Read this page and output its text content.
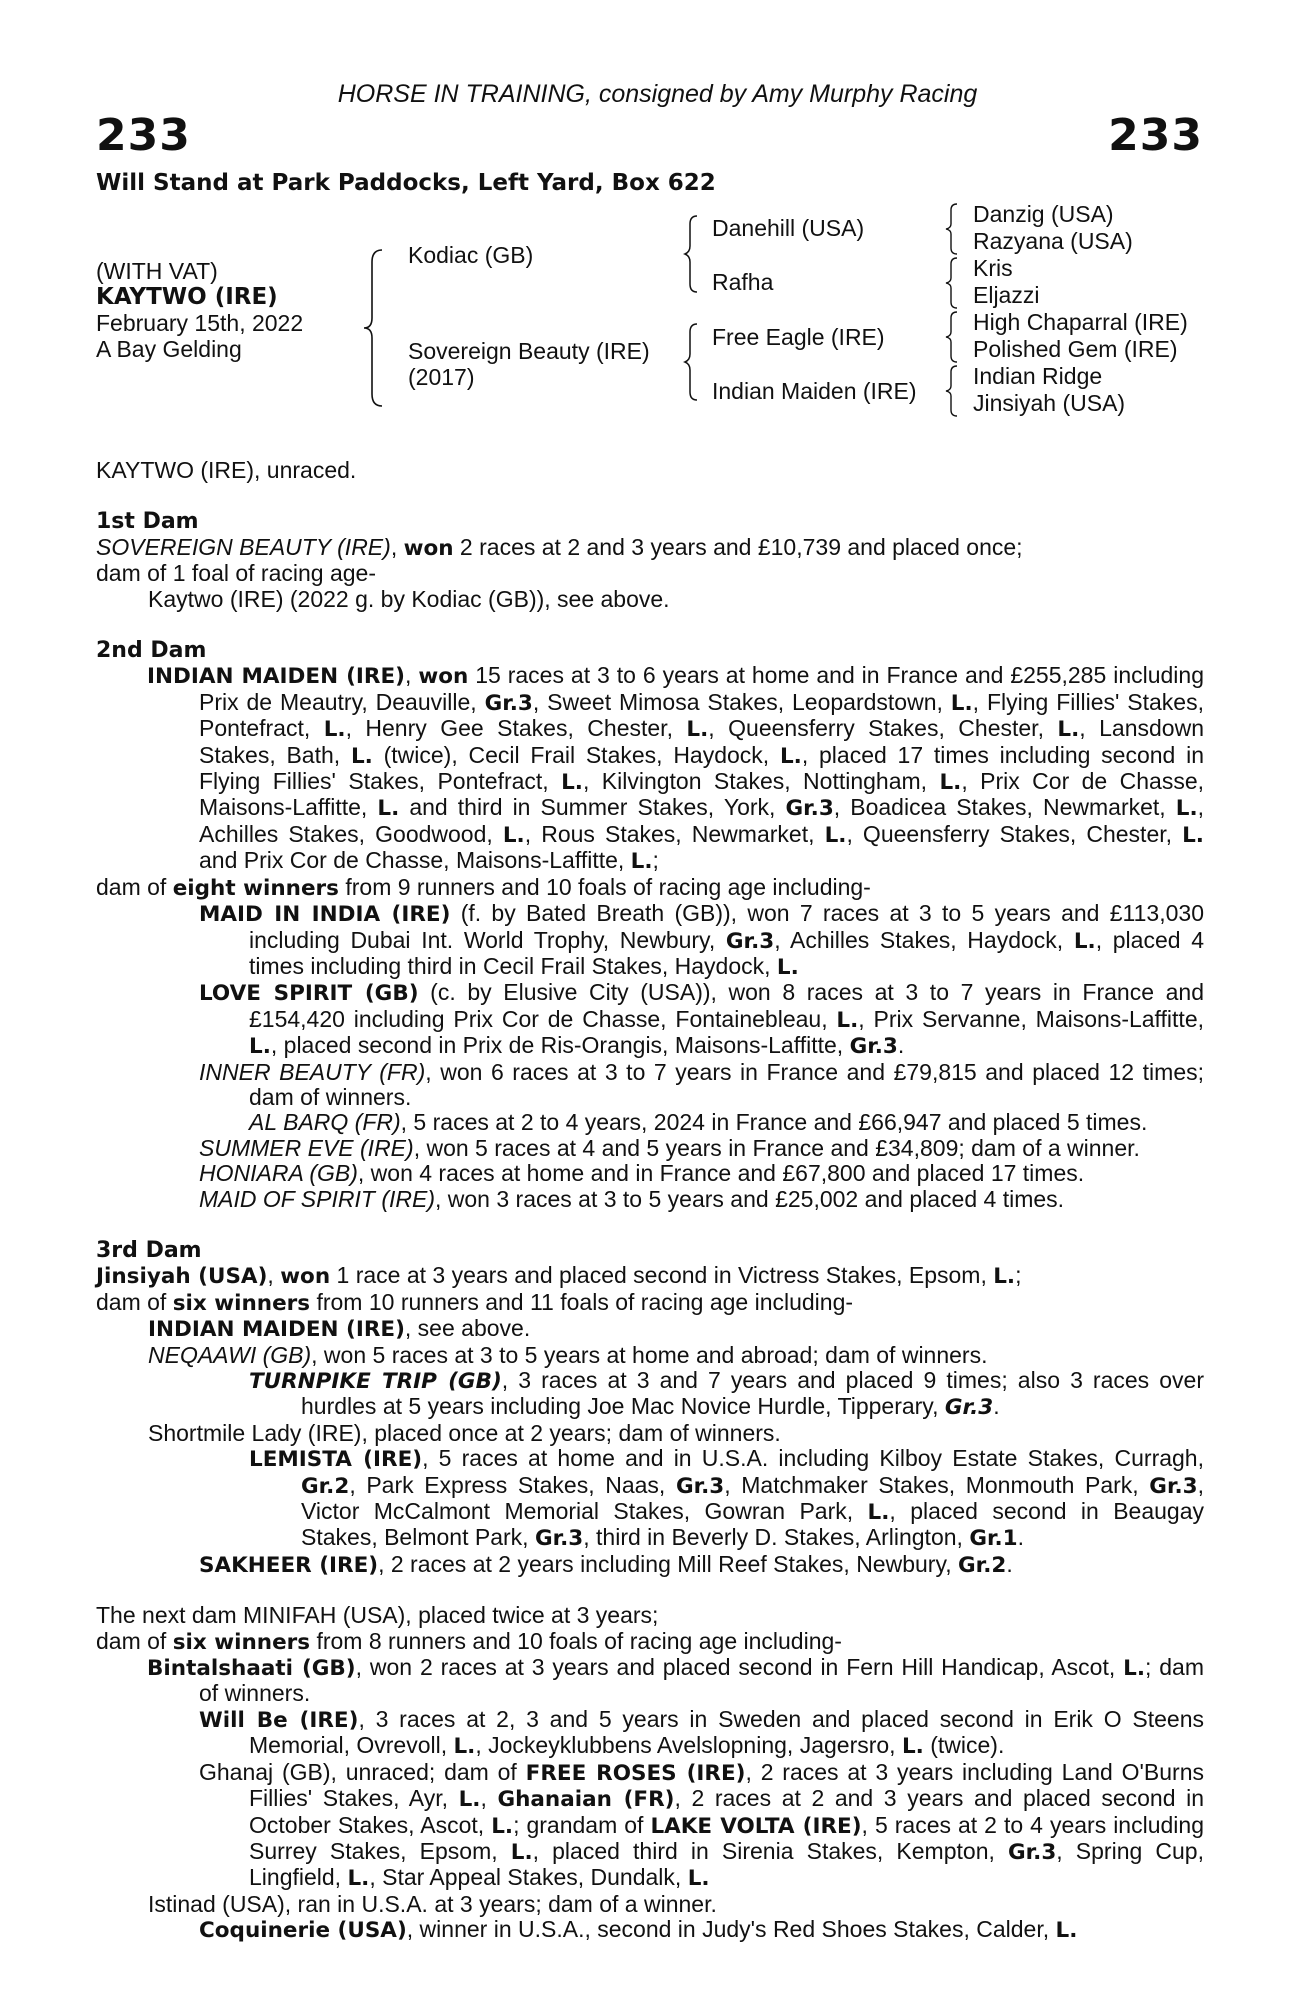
HORSE IN TRAINING, consigned by Amy Murphy Racing
233	233
Will Stand at Park Paddocks, Left Yard, Box 622
(WITH VAT)
KAYTWO (IRE)
February 15th, 2022
A Bay Gelding
Kodiac (GB)
Sovereign Beauty (IRE)
(2017)
Danehill (USA)
Rafha
Free Eagle (IRE)
Indian Maiden (IRE)
Danzig (USA)
Razyana (USA)
Kris
Eljazzi
High Chaparral (IRE)
Polished Gem (IRE)
Indian Ridge
Jinsiyah (USA)

KAYTWO (IRE), unraced.

1st Dam

SOVEREIGN BEAUTY (IRE), won 2 races at 2 and 3 years and £10,739 and placed once;

dam of 1 foal of racing age-

Kaytwo (IRE) (2022 g. by Kodiac (GB)), see above.

2nd Dam

INDIAN MAIDEN (IRE), won 15 races at 3 to 6 years at home and in France and £255,285 including Prix de Meautry, Deauville, Gr.3, Sweet Mimosa Stakes, Leopardstown, L., Flying Fillies' Stakes, Pontefract, L., Henry Gee Stakes, Chester, L., Queensferry Stakes, Chester, L., Lansdown Stakes, Bath, L. (twice), Cecil Frail Stakes, Haydock, L., placed 17 times including second in Flying Fillies' Stakes, Pontefract, L., Kilvington Stakes, Nottingham, L., Prix Cor de Chasse, Maisons-Laffitte, L. and third in Summer Stakes, York, Gr.3, Boadicea Stakes, Newmarket, L., Achilles Stakes, Goodwood, L., Rous Stakes, Newmarket, L., Queensferry Stakes, Chester, L. and Prix Cor de Chasse, Maisons-Laffitte, L.;

dam of eight winners from 9 runners and 10 foals of racing age including-

MAID IN INDIA (IRE) (f. by Bated Breath (GB)), won 7 races at 3 to 5 years and £113,030 including Dubai Int. World Trophy, Newbury, Gr.3, Achilles Stakes, Haydock, L., placed 4 times including third in Cecil Frail Stakes, Haydock, L.

LOVE SPIRIT (GB) (c. by Elusive City (USA)), won 8 races at 3 to 7 years in France and £154,420 including Prix Cor de Chasse, Fontainebleau, L., Prix Servanne, Maisons-Laffitte, L., placed second in Prix de Ris-Orangis, Maisons-Laffitte, Gr.3.

INNER BEAUTY (FR), won 6 races at 3 to 7 years in France and £79,815 and placed 12 times; dam of winners.

AL BARQ (FR), 5 races at 2 to 4 years, 2024 in France and £66,947 and placed 5 times.

SUMMER EVE (IRE), won 5 races at 4 and 5 years in France and £34,809; dam of a winner.

HONIARA (GB), won 4 races at home and in France and £67,800 and placed 17 times.

MAID OF SPIRIT (IRE), won 3 races at 3 to 5 years and £25,002 and placed 4 times.

3rd Dam

Jinsiyah (USA), won 1 race at 3 years and placed second in Victress Stakes, Epsom, L.;

dam of six winners from 10 runners and 11 foals of racing age including-

INDIAN MAIDEN (IRE), see above.

NEQAAWI (GB), won 5 races at 3 to 5 years at home and abroad; dam of winners.

TURNPIKE TRIP (GB), 3 races at 3 and 7 years and placed 9 times; also 3 races over hurdles at 5 years including Joe Mac Novice Hurdle, Tipperary, Gr.3.

Shortmile Lady (IRE), placed once at 2 years; dam of winners.

LEMISTA (IRE), 5 races at home and in U.S.A. including Kilboy Estate Stakes, Curragh, Gr.2, Park Express Stakes, Naas, Gr.3, Matchmaker Stakes, Monmouth Park, Gr.3, Victor McCalmont Memorial Stakes, Gowran Park, L., placed second in Beaugay Stakes, Belmont Park, Gr.3, third in Beverly D. Stakes, Arlington, Gr.1.

SAKHEER (IRE), 2 races at 2 years including Mill Reef Stakes, Newbury, Gr.2.

The next dam MINIFAH (USA), placed twice at 3 years;

dam of six winners from 8 runners and 10 foals of racing age including-

Bintalshaati (GB), won 2 races at 3 years and placed second in Fern Hill Handicap, Ascot, L.; dam of winners.

Will Be (IRE), 3 races at 2, 3 and 5 years in Sweden and placed second in Erik O Steens Memorial, Ovrevoll, L., Jockeyklubbens Avelslopning, Jagersro, L. (twice).

Ghanaj (GB), unraced; dam of FREE ROSES (IRE), 2 races at 3 years including Land O'Burns Fillies' Stakes, Ayr, L., Ghanaian (FR), 2 races at 2 and 3 years and placed second in October Stakes, Ascot, L.; grandam of LAKE VOLTA (IRE), 5 races at 2 to 4 years including Surrey Stakes, Epsom, L., placed third in Sirenia Stakes, Kempton, Gr.3, Spring Cup, Lingfield, L., Star Appeal Stakes, Dundalk, L.

Istinad (USA), ran in U.S.A. at 3 years; dam of a winner.

Coquinerie (USA), winner in U.S.A., second in Judy's Red Shoes Stakes, Calder, L.
